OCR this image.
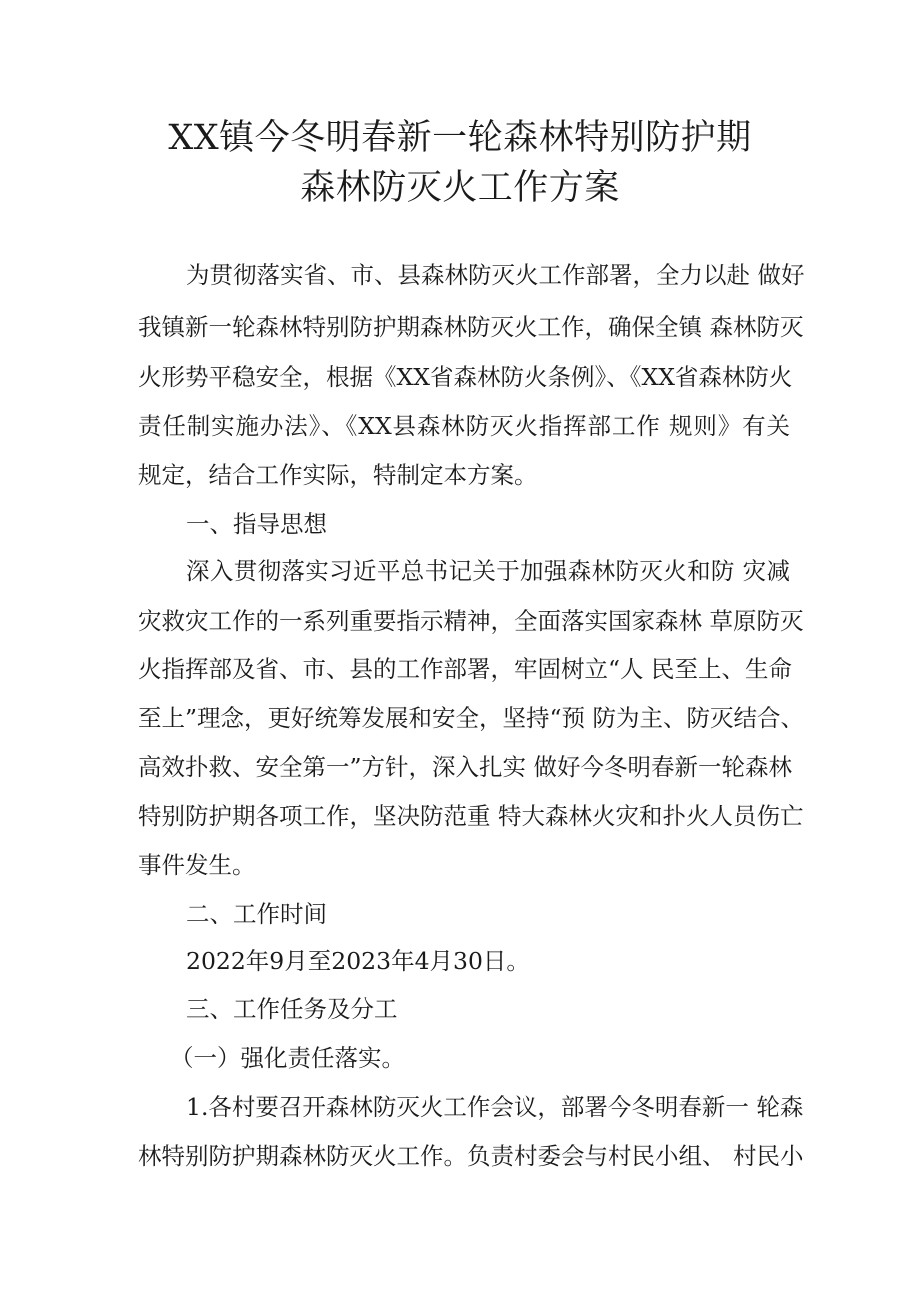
XX镇今冬明春新一轮森林特别防护期
森林防灭火工作方案
为贯彻落实省、市、县森林防灭火工作部署，全力以赴 做好
我镇新一轮森林特别防护期森林防灭火工作，确保全镇 森林防灭
火形势平稳安全，根据《XX省森林防火条例》、《XX省森林防火
责任制实施办法》、《XX县森林防灭火指挥部工作 规则》有关
规定，结合工作实际，特制定本方案。
一、指导思想
深入贯彻落实习近平总书记关于加强森林防灭火和防 灾减
灾救灾工作的一系列重要指示精神，全面落实国家森林 草原防灭
火指挥部及省、市、县的工作部署，牢固树立“人 民至上、生命
至上”理念，更好统筹发展和安全，坚持“预 防为主、防灭结合、
高效扑救、安全第一”方针，深入扎实 做好今冬明春新一轮森林
特别防护期各项工作，坚决防范重 特大森林火灾和扑火人员伤亡
事件发生。
二、工作时间
2022年9月至2023年4月30日。
三、工作任务及分工
（一）强化责任落实。
1.各村要召开森林防灭火工作会议，部署今冬明春新一 轮森
林特别防护期森林防灭火工作。负责村委会与村民小组、 村民小
